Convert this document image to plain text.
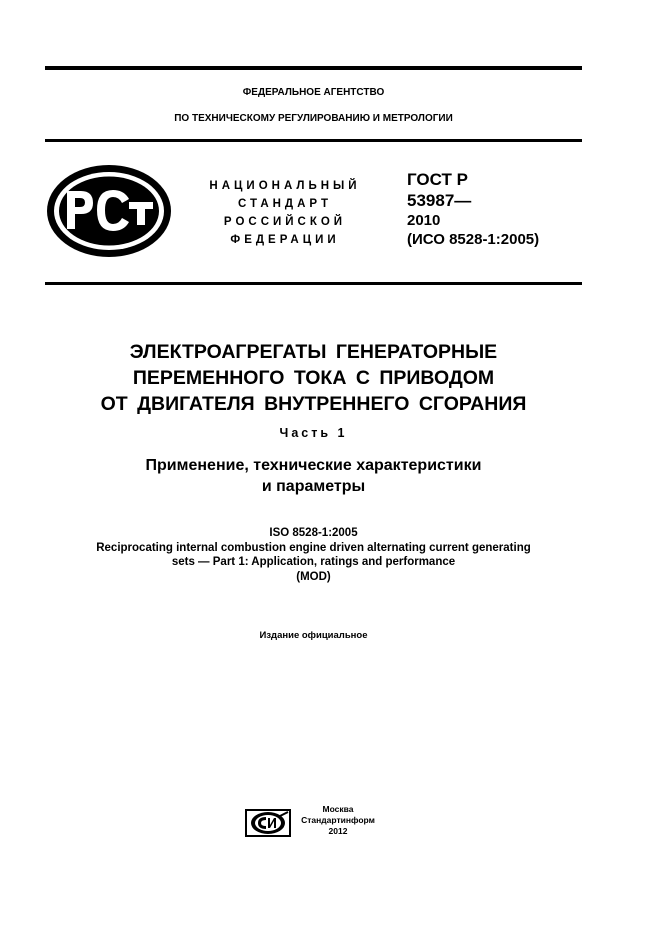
ФЕДЕРАЛЬНОЕ АГЕНТСТВО
ПО ТЕХНИЧЕСКОМУ РЕГУЛИРОВАНИЮ И МЕТРОЛОГИИ
НАЦИОНАЛЬНЫЙ
СТАНДАРТ
РОССИЙСКОЙ
ФЕДЕРАЦИИ
ГОСТ Р
53987—
2010
(ИСО 8528-1:2005)
ЭЛЕКТРОАГРЕГАТЫ ГЕНЕРАТОРНЫЕ
ПЕРЕМЕННОГО ТОКА С ПРИВОДОМ
ОТ ДВИГАТЕЛЯ ВНУТРЕННЕГО СГОРАНИЯ
Часть 1
Применение, технические характеристики
и параметры
ISO 8528-1:2005
Reciprocating internal combustion engine driven alternating current generating
sets — Part 1: Application, ratings and performance
(MOD)
Издание официальное
Москва
Стандартинформ
2012
